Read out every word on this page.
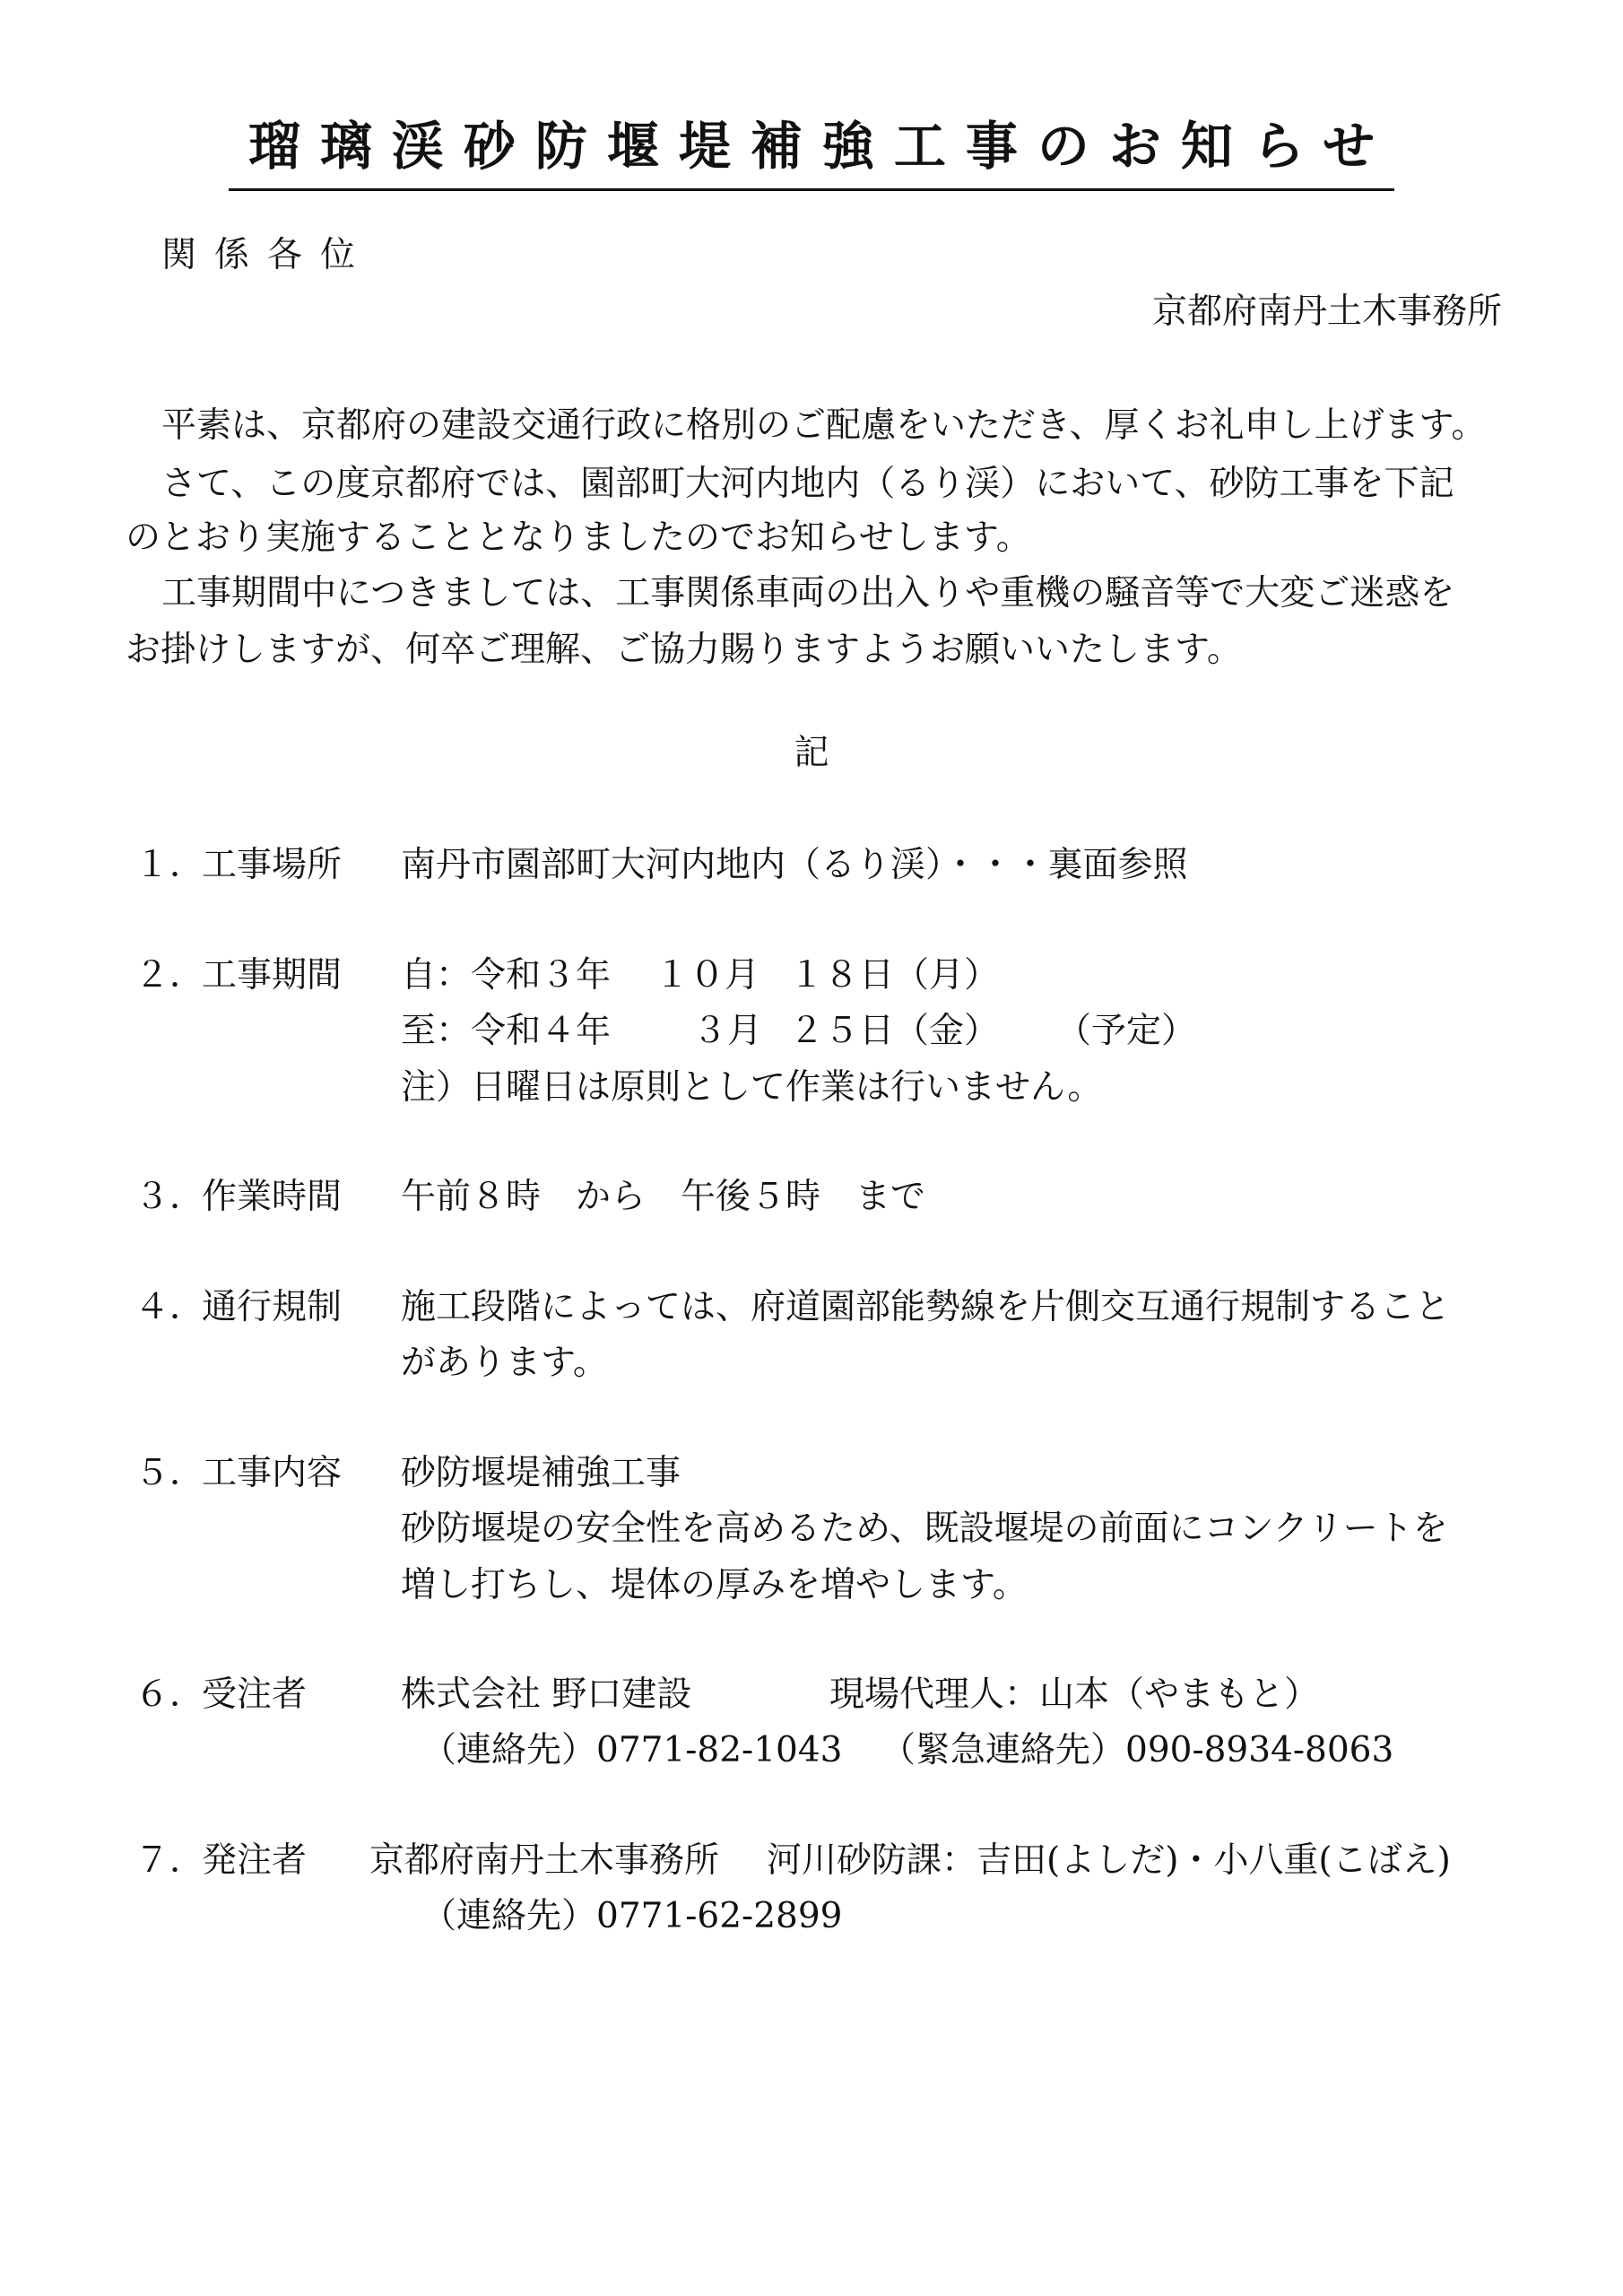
瑠璃渓砂防堰堤補強工事のお知らせ
関係各位
京都府南丹土木事務所
平素は、京都府の建設交通行政に格別のご配慮をいただき、厚くお礼申し上げます。
さて、この度京都府では、園部町大河内地内（るり渓）において、砂防工事を下記
のとおり実施することとなりましたのでお知らせします。
工事期間中につきましては、工事関係車両の出入りや重機の騒音等で大変ご迷惑を
お掛けしますが、何卒ご理解、ご協力賜りますようお願いいたします。
記
１．
工事場所 南丹市園部町大河内地内（るり渓）・・・裏面参照
２．
工事期間 自：令和３年 １０月 １８日（月）
至：令和４年 ３月 ２５日（金） （予定）
注）日曜日は原則として作業は行いません。
３．
作業時間 午前８時　から　午後５時　まで
４．
通行規制 施工段階によっては、府道園部能勢線を片側交互通行規制すること
があります。
５．
工事内容 砂防堰堤補強工事
砂防堰堤の安全性を高めるため、既設堰堤の前面にコンクリートを
増し打ちし、堤体の厚みを増やします。
６．
受注者	株式会社 野口建設	現場代理人：山本（やまもと）
（連絡先）0771-82-1043 （緊急連絡先）090-8934-8063
７．
発注者 京都府南丹土木事務所 河川砂防課：吉田(よしだ)・小八重(こばえ)
（連絡先）0771-62-2899
